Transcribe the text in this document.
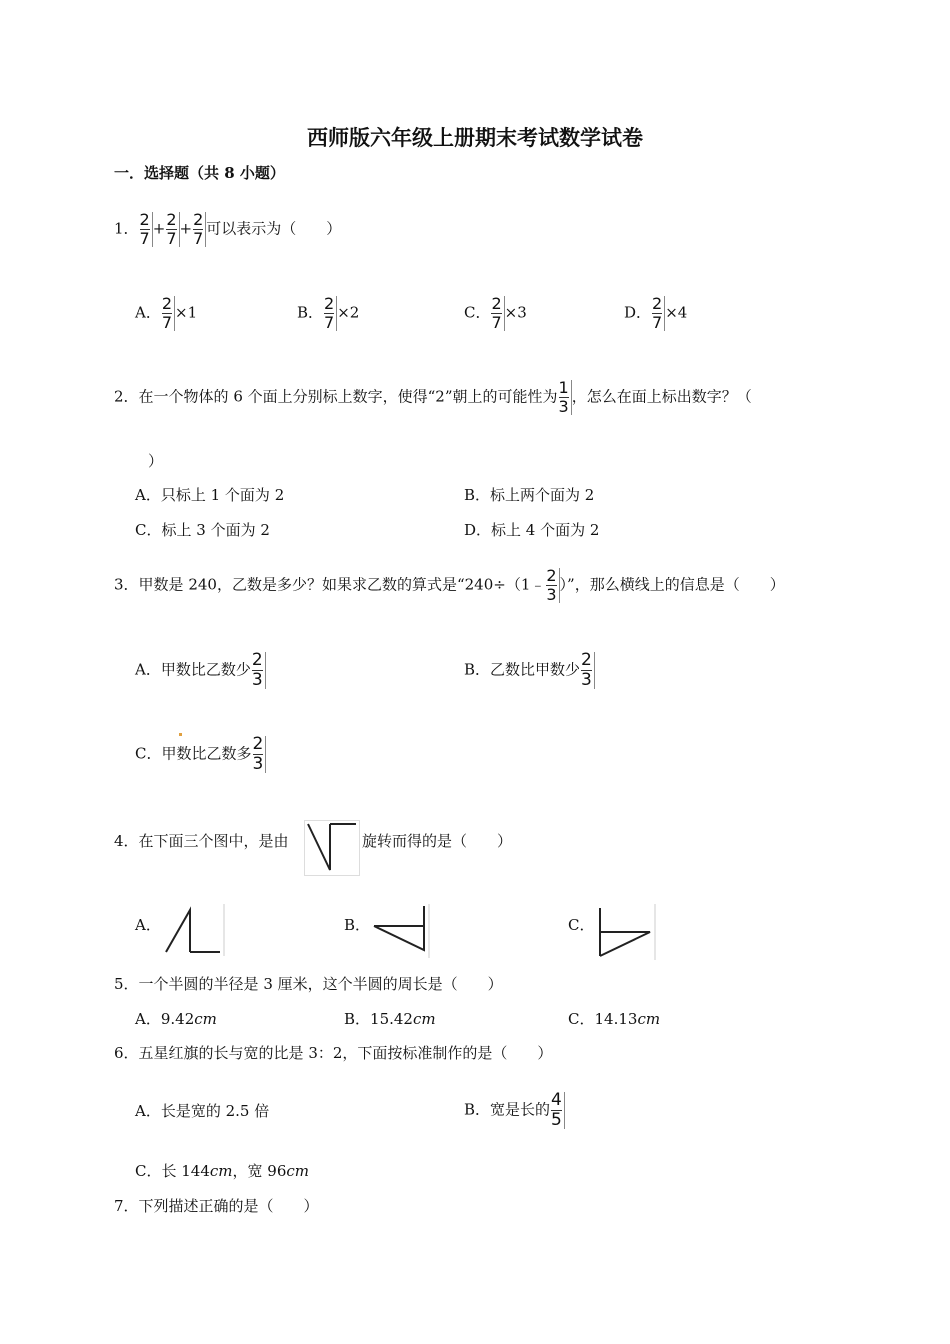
西师版六年级上册期末考试数学试卷
一．选择题（共 8 小题）
1． $\frac{2}{7} + \frac{2}{7} + \frac{2}{7}$ 可以表示为（　　）
A． $\frac{2}{7} \times 1$	B． $\frac{2}{7} \times 2$	C． $\frac{2}{7} \times 3$	D． $\frac{2}{7} \times 4$
2．在一个物体的 6 个面上分别标上数字，使得“2”朝上的可能性为 $\frac{1}{3}$ ，怎么在面上标出数字？（
）
A．只标上 1 个面为 2	B．标上两个面为 2
C．标上 3 个面为 2	D．标上 4 个面为 2
3．甲数是 240，乙数是多少？如果求乙数的算式是“240÷（1﹣ $\frac{2}{3}$ ）”，那么横线上的信息是（　　）
A．甲数比乙数少 $\frac{2}{3}$	B．乙数比甲数少 $\frac{2}{3}$
C．甲数比乙数多 $\frac{2}{3}$
4．在下面三个图中，是由	旋转而得的是（　　）
A．	B．	C．
5．一个半圆的半径是 3 厘米，这个半圆的周长是（　　）
A．9.42cm	B．15.42cm	C．14.13cm
6．五星红旗的长与宽的比是 3：2，下面按标准制作的是（　　）
A．长是宽的 2.5 倍	B．宽是长的 $\frac{4}{5}$
C．长 144cm，宽 96cm
7．下列描述正确的是（　　）
